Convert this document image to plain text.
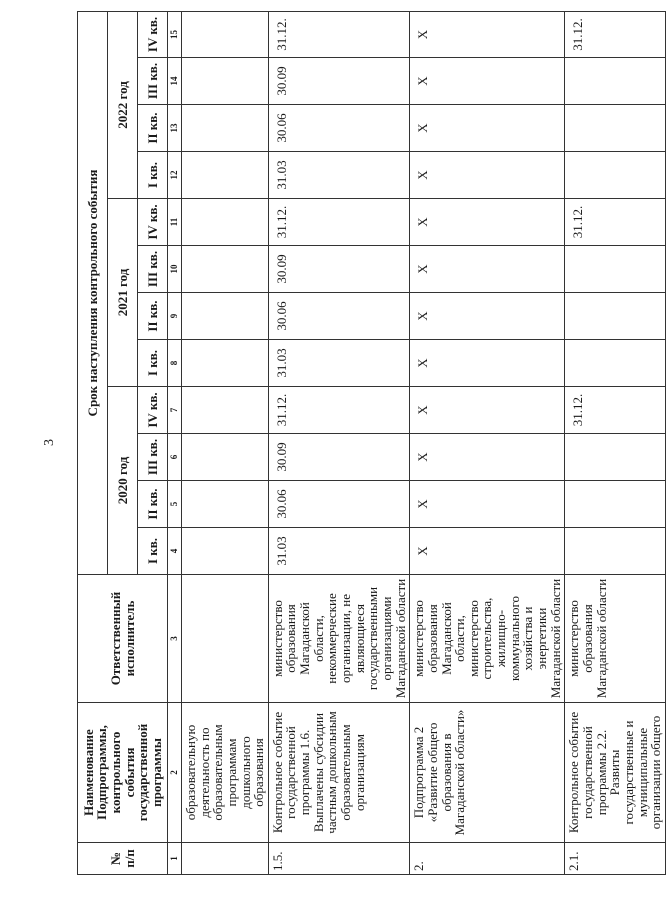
3
№ п/п	Наименование Подпрограммы, контрольного события государственной программы	Ответственный исполнитель	Срок наступления контрольного события											
			2020 год				2021 год				2022 год			
			I кв.	II кв.	III кв.	IV кв.	I кв.	II кв.	III кв.	IV кв.	I кв.	II кв.	III кв.	IV кв.
1	2	3	4	5	6	7	8	9	10	11	12	13	14	15
	образовательную деятельность по образовательным программам дошкольного образования													
1.5.	Контрольное событие государственной программы 1.6. Выплачены субсидии частным дошкольным образовательным организациям	министерство образования Магаданской области, некоммерческие организации, не являющиеся государственными организациями Магаданской области	31.03	30.06	30.09	31.12.	31.03	30.06	30.09	31.12.	31.03	30.06	30.09	31.12.
2.	Подпрограмма 2 «Развитие общего образования в Магаданской области»	министерство образования Магаданской области, министерство строительства, жилищно-коммунального хозяйства и энергетики Магаданской области	X	X	X	X	X	X	X	X	X	X	X	X
2.1.	Контрольное событие государственной программы 2.2. Развиты государственные и муниципальные организации общего	министерство образования Магаданской области				31.12.				31.12.				31.12.
